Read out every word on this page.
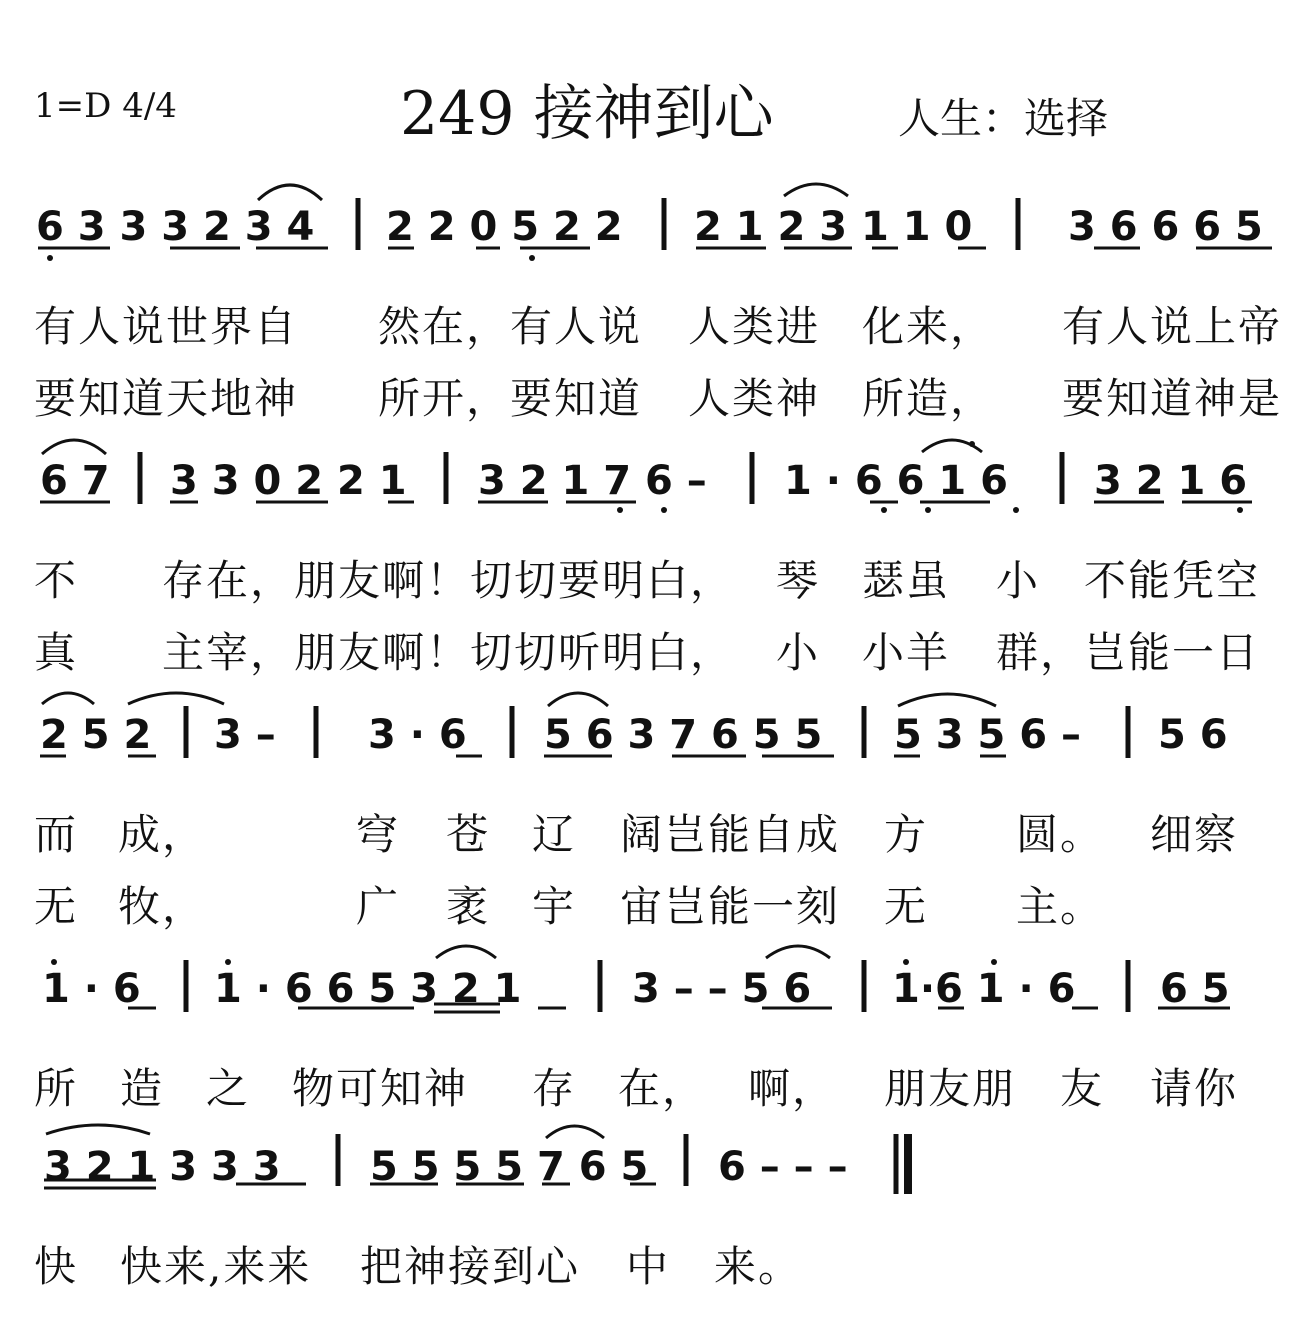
1=D 4/4	249 接神到心	人生：选择
6 3 3 3 2 3 4 2 2 0 5 2 2 2 1 2 3 1 1 0 3 6 6 6 5
有人说世界自 然在，有人说 人类进 化来， 有人说上帝
要知道天地神 所开，要知道 人类神 所造， 要知道神是
6 7 3 3 0 2 2 1 3 2 1 7 6 – 1 · 6 6 1 6 3 2 1 6
不 存在，朋友啊！切切要明白， 琴 瑟虽 小 不能凭空
真 主宰，朋友啊！切切听明白， 小 小羊 群， 岂能一日
2 5 2 3 – 3 · 6 5 6 3 7 6 5 5 5 3 5 6 – 5 6
而 成，	穹 苍 辽 阔岂能自成 方 圆。 细察
无 牧，	广 袤 宇 宙岂能一刻 无 主。
1 · 6 1 · 6 6 5 3 2 1	3 – – 5 6 1·6 1 · 6 6 5
所 造 之 物可知神 存 在， 啊， 朋友朋 友 请你
3 2 1 3 3 3 5 5 5 5 7 6 5 6 – – –
快 快来,来来 把神接到心 中 来。
